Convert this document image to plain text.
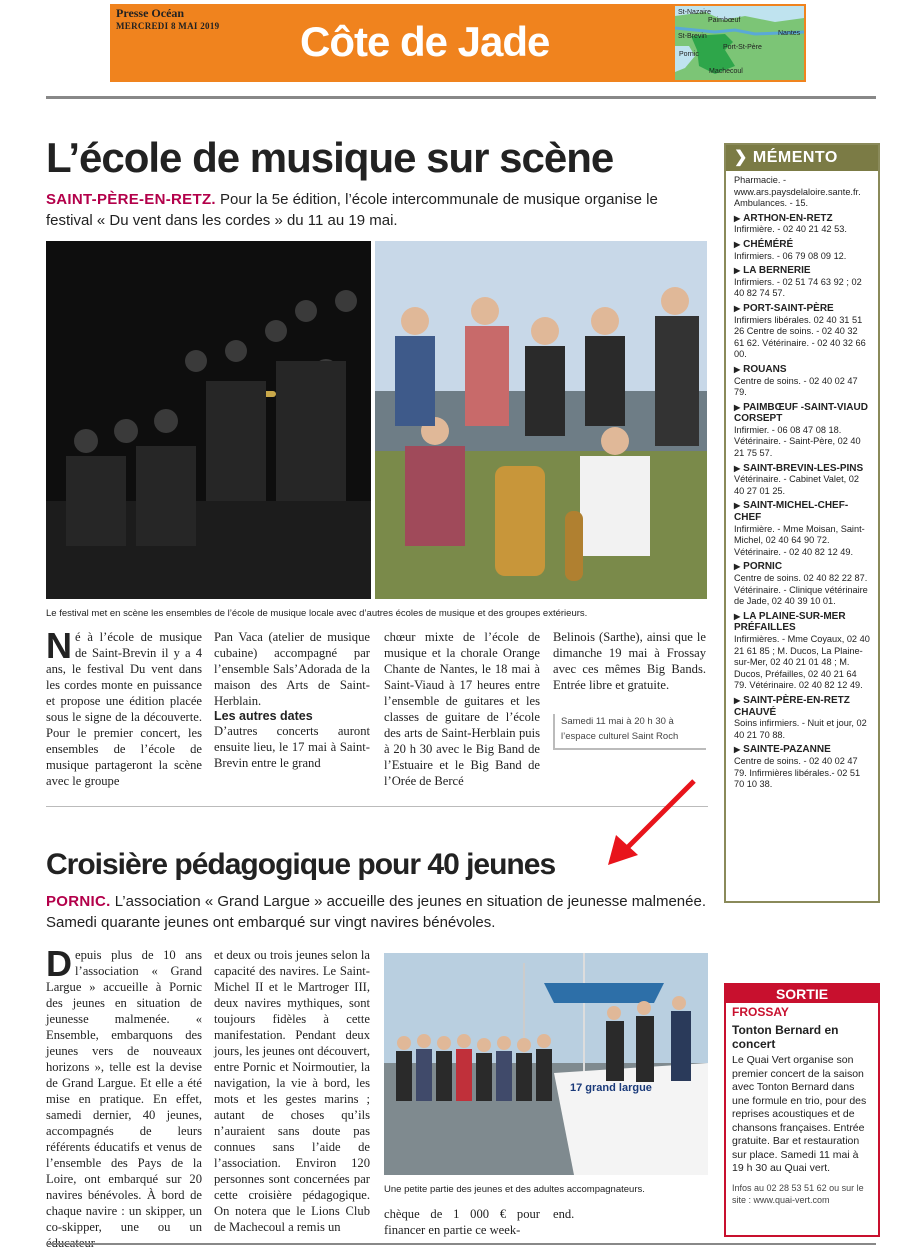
Presse Océan
MERCREDI 8 MAI 2019 Côte de Jade
St-Nazaire
Paimbœuf
Nantes
St-Brevin
Port-St-Père
Pornic
Machecoul
L’école de musique sur scène
SAINT-PÈRE-EN-RETZ. Pour la 5e édition, l’école intercommunale de musique organise le festival « Du vent dans les cordes » du 11 au 19 mai.
Le festival met en scène les ensembles de l’école de musique locale avec d’autres écoles de musique et des groupes extérieurs.
Né à l’école de musique de Saint-Brevin il y a 4 ans, le festival Du vent dans les cordes monte en puissance et propose une édition placée sous le signe de la découverte. Pour le premier concert, les ensembles de l’école de musique partageront la scène avec le groupe

Pan Vaca (atelier de musique cubaine) accompagné par l’ensemble Sals’Adorada de la maison des Arts de Saint-Herblain.

Les autres dates

D’autres concerts auront ensuite lieu, le 17 mai à Saint-Brevin entre le grand

chœur mixte de l’école de musique et la chorale Orange Chante de Nantes, le 18 mai à Saint-Viaud à 17 heures entre l’ensemble de guitares et les classes de guitare de l’école des arts de Saint-Herblain puis à 20 h 30 avec le Big Band de l’Estuaire et le Big Band de l’Orée de Bercé
Belinois (Sarthe), ainsi que le dimanche 19 mai à Frossay avec ces mêmes Big Bands. Entrée libre et gratuite.
Samedi 11 mai à 20 h 30 à l’espace culturel Saint Roch
Croisière pédagogique pour 40 jeunes
PORNIC. L’association « Grand Largue » accueille des jeunes en situation de jeunesse malmenée. Samedi quarante jeunes ont embarqué sur vingt navires bénévoles.
Depuis plus de 10 ans l’association « Grand Largue » accueille à Pornic des jeunes en situation de jeunesse malmenée. « Ensemble, embarquons des jeunes vers de nouveaux horizons », telle est la devise de Grand Largue. Et elle a été mise en pratique. En effet, samedi dernier, 40 jeunes, accompagnés de leurs référents éducatifs et venus de l’ensemble des Pays de la Loire, ont embarqué sur 20 navires bénévoles. À bord de chaque navire : un skipper, un co-skipper, une ou un
et deux ou trois jeunes selon la capacité des navires. Le Saint-Michel II et le Martroger III, deux navires mythiques, sont toujours fidèles à cette manifestation. Pendant deux jours, les jeunes ont découvert, entre Pornic et Noirmoutier, la navigation, la vie à bord, les mots et les gestes marins ; autant de choses qu’ils n’auraient sans doute pas connues sans l’aide de l’association. Environ 120 personnes sont concernées par cette croisière pédagogique. On notera que le Lions Club de Machecoul a remis un
17 grand largue
Une petite partie des jeunes et des adultes accompagnateurs.
chèque de 1 000 € pour financer en partie ce week-
end.
❯ MÉMENTO
Pharmacie. - www.ars.paysdelaloire.sante.fr. Ambulances. - 15.
▶ ARTHON-EN-RETZ
Infirmière. - 02 40 21 42 53.
▶ CHÉMÉRÉ
Infirmiers. - 06 79 08 09 12.
▶ LA BERNERIE
Infirmiers. - 02 51 74 63 92 ; 02 40 82 74 57.
▶ PORT-SAINT-PÈRE
Infirmiers libérales. 02 40 31 51 26 Centre de soins. - 02 40 32 61 62. Vétérinaire. - 02 40 32 66 00.
▶ ROUANS
Centre de soins. - 02 40 02 47 79.
▶ PAIMBŒUF -SAINT-VIAUD CORSEPT
Infirmier. - 06 08 47 08 18. Vétérinaire. - Saint-Père, 02 40 21 75 57.
▶ SAINT-BREVIN-LES-PINS
Vétérinaire. - Cabinet Valet, 02 40 27 01 25.
▶ SAINT-MICHEL-CHEF-CHEF
Infirmière. - Mme Moisan, Saint-Michel, 02 40 64 90 72. Vétérinaire. - 02 40 82 12 49.
▶ PORNIC
Centre de soins. 02 40 82 22 87. Vétérinaire. - Clinique vétérinaire de Jade, 02 40 39 10 01.
▶ LA PLAINE-SUR-MER PRÉFAILLES
Infirmières. - Mme Coyaux, 02 40 21 61 85 ; M. Ducos, La Plaine-sur-Mer, 02 40 21 01 48 ; M. Ducos, Préfailles, 02 40 21 64 79. Vétérinaire. 02 40 82 12 49.
▶ SAINT-PÈRE-EN-RETZ CHAUVÉ
Soins infirmiers. - Nuit et jour, 02 40 21 70 88.
▶ SAINTE-PAZANNE
Centre de soins. - 02 40 02 47 79. Infirmières libérales.- 02 51 70 10 38.
SORTIE
FROSSAY
Tonton Bernard en concert
Le Quai Vert organise son premier concert de la saison avec Tonton Bernard dans une formule en trio, pour des reprises acoustiques et de chansons françaises. Entrée gratuite. Bar et restauration sur place. Samedi 11 mai à 19 h 30 au Quai vert.
Infos au 02 28 53 51 62 ou sur le site : www.quai-vert.com
